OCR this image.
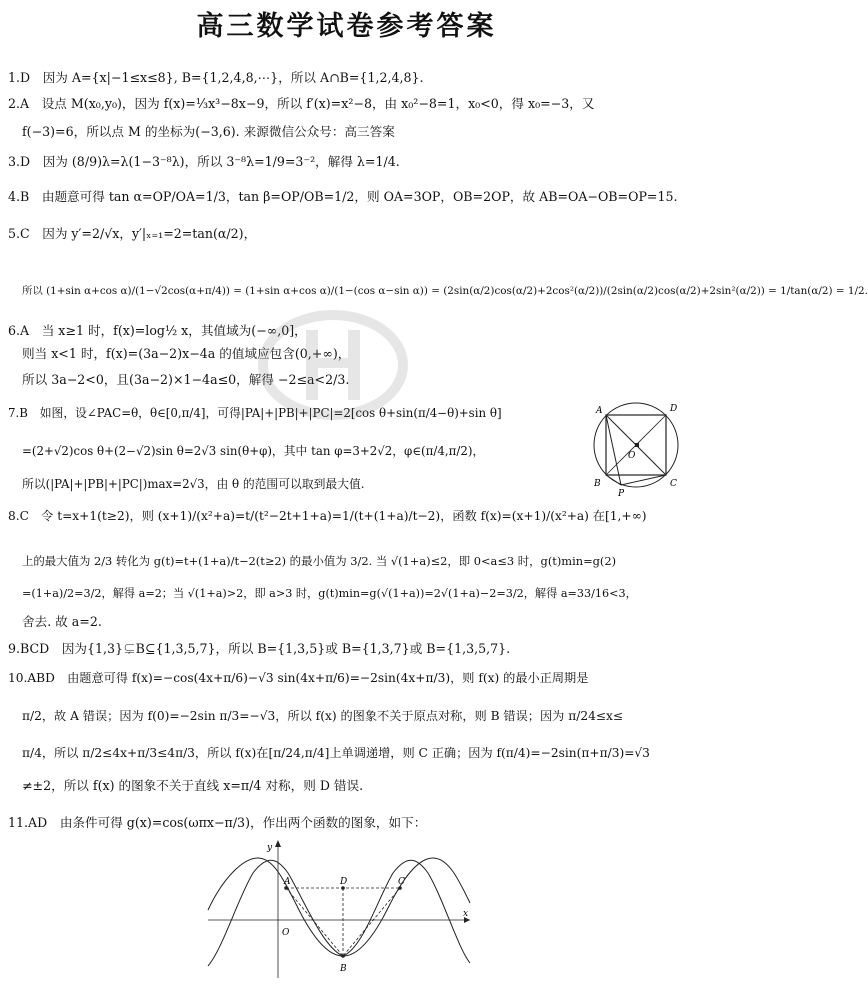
高三数学试卷参考答案
1.D　因为 A={x|−1≤x≤8}, B={1,2,4,8,⋯}，所以 A∩B={1,2,4,8}.
2.A　设点 M(x₀,y₀)，因为 f(x)=⅓x³−8x−9，所以 f′(x)=x²−8，由 x₀²−8=1，x₀<0，得 x₀=−3，又
f(−3)=6，所以点 M 的坐标为(−3,6). 来源微信公众号：高三答案
3.D　因为 (8/9)λ=λ(1−3⁻⁸λ)，所以 3⁻⁸λ=1/9=3⁻²，解得 λ=1/4.
4.B　由题意可得 tan α=OP/OA=1/3，tan β=OP/OB=1/2，则 OA=3OP，OB=2OP，故 AB=OA−OB=OP=15.
5.C　因为 y′=2/√x，y′|ₓ₌₁=2=tan(α/2)，
所以 (1+sin α+cos α)/(1−√2cos(α+π/4)) = (1+sin α+cos α)/(1−(cos α−sin α)) = (2sin(α/2)cos(α/2)+2cos²(α/2))/(2sin(α/2)cos(α/2)+2sin²(α/2)) = 1/tan(α/2) = 1/2.
6.A　当 x≥1 时，f(x)=log½ x，其值域为(−∞,0]，
则当 x<1 时，f(x)=(3a−2)x−4a 的值域应包含(0,+∞)，
所以 3a−2<0，且(3a−2)×1−4a≤0，解得 −2≤a<2/3.
7.B　如图，设∠PAC=θ，θ∈[0,π/4]，可得|PA|+|PB|+|PC|=2[cos θ+sin(π/4−θ)+sin θ]
=(2+√2)cos θ+(2−√2)sin θ=2√3 sin(θ+φ)，其中 tan φ=3+2√2，φ∈(π/4,π/2)，
所以(|PA|+|PB|+|PC|)max=2√3，由 θ 的范围可以取到最大值.
8.C　令 t=x+1(t≥2)，则 (x+1)/(x²+a)=t/(t²−2t+1+a)=1/(t+(1+a)/t−2)，函数 f(x)=(x+1)/(x²+a) 在[1,+∞)
上的最大值为 2/3 转化为 g(t)=t+(1+a)/t−2(t≥2) 的最小值为 3/2. 当 √(1+a)≤2，即 0<a≤3 时，g(t)min=g(2)
=(1+a)/2=3/2，解得 a=2；当 √(1+a)>2，即 a>3 时，g(t)min=g(√(1+a))=2√(1+a)−2=3/2，解得 a=33/16<3，
舍去. 故 a=2.
9.BCD　因为{1,3}⊊B⊆{1,3,5,7}，所以 B={1,3,5}或 B={1,3,7}或 B={1,3,5,7}.
10.ABD　由题意可得 f(x)=−cos(4x+π/6)−√3 sin(4x+π/6)=−2sin(4x+π/3)，则 f(x) 的最小正周期是
π/2，故 A 错误；因为 f(0)=−2sin π/3=−√3，所以 f(x) 的图象不关于原点对称，则 B 错误；因为 π/24≤x≤
π/4，所以 π/2≤4x+π/3≤4π/3，所以 f(x)在[π/24,π/4]上单调递增，则 C 正确；因为 f(π/4)=−2sin(π+π/3)=√3
≠±2，所以 f(x) 的图象不关于直线 x=π/4 对称，则 D 错误.
11.AD　由条件可得 g(x)=cos(ωπx−π/3)，作出两个函数的图象，如下：
A	D
B
P
C
O
y
x
A	D	C
O
B
